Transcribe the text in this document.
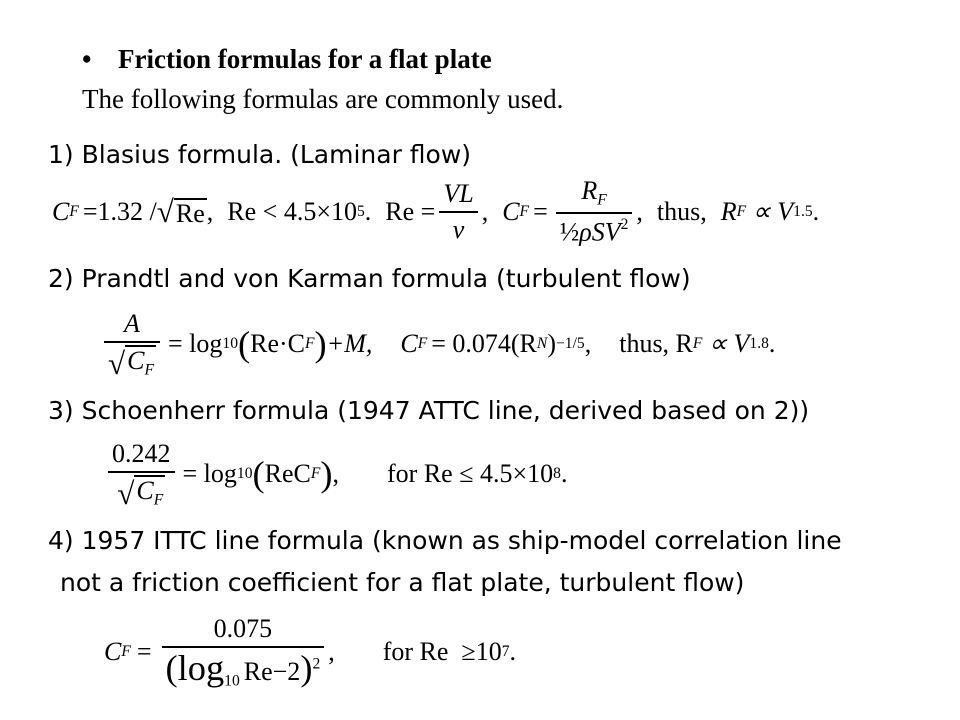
• Friction formulas for a flat plate
The following formulas are commonly used.
1) Blasius formula. (Laminar flow)
C F =1.32 / √ Re , Re < 4.5×10 5 . $Re = \frac{VL}{\nu}$ , C $F = \frac{R_F}{\frac{1}{2}\rho SV^2}$ , thus, R F ∝ V 1.5 .
2) Prandtl and von Karman formula (turbulent flow)
$\frac{A}{√ C_F} = \log 10$ ( Re·C F ) +M, C F = 0.074(R N ) −1/5 , thus, R F ∝ V 1.8 .
3) Schoenherr formula (1947 ATTC line, derived based on 2))
$\frac{0.242}{√ C_F} = \log 10$ ( ReC F ) , for Re ≤ 4.5×10 8 .
4) 1957 ITTC line formula (known as ship-model correlation line
not a friction coefficient for a flat plate, turbulent flow)
C $F = \frac{0.075}{(\log_{10} Re-2)^2}$ , for Re  ≥10 7 .
